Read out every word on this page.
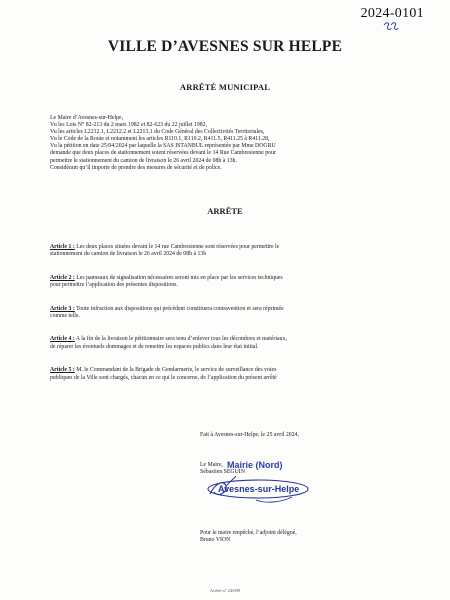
2024-0101
VILLE D’AVESNES SUR HELPE
ARRÊTÉ MUNICIPAL
Le Maire d’Avesnes-sur-Helpe,
Vu les Lois N° 82-213 du 2 mars 1982 et 82-623 du 22 juillet 1982,
Vu les articles L2212.1, L2212.2 et L2213.1 du Code Général des Collectivités Territoriales,
Vu le Code de la Route et notamment les articles R110.1, R110.2, R411.5, R411.25 à R411.28,
Vu la pétition en date 25/04/2024 par laquelle la SAS ISTANBUL représentée par Mme DOGRU
demande que deux places de stationnement soient réservées devant le 14 Rue Cambresienne pour
permettre le stationnement du camion de livraison le 26 avril 2024 de 08h à 13h.
Considérant qu’il importe de prendre des mesures de sécurité et de police.
ARRÊTE
Article 1 : Les deux places situées devant le 14 rue Cambresienne sont réservées pour permettre le
stationnement du camion de livraison le 26 avril 2024 de 08h à 13h
Article 2 : Les panneaux de signalisation nécessaires seront mis en place par les services techniques
pour permettre l’application des présentes dispositions.
Article 3 : Toute infraction aux dispositions qui précèdent constituera contravention et sera réprimée
comme telle.
Article 4 : A la fin de la livraison le pétitionnaire sera tenu d’enlever tous les décombres et matériaux,
de réparer les éventuels dommages et de remettre les espaces publics dans leur état initial.
Article 5 : M. le Commandant de la Brigade de Gendarmerie, le service de surveillance des voies
publiques de la Ville sont chargés, chacun en ce qui le concerne, de l’application du présent arrêté
Fait à Avesnes-sur-Helpe, le 25 avril 2024,
Le Maire,
Sébastien SEGUIN
Mairie (Nord)
Avesnes-sur-Helpe
Pour le maire empêché, l’adjoint délégué,
Bruno VION
Arrêté n° 24/099
